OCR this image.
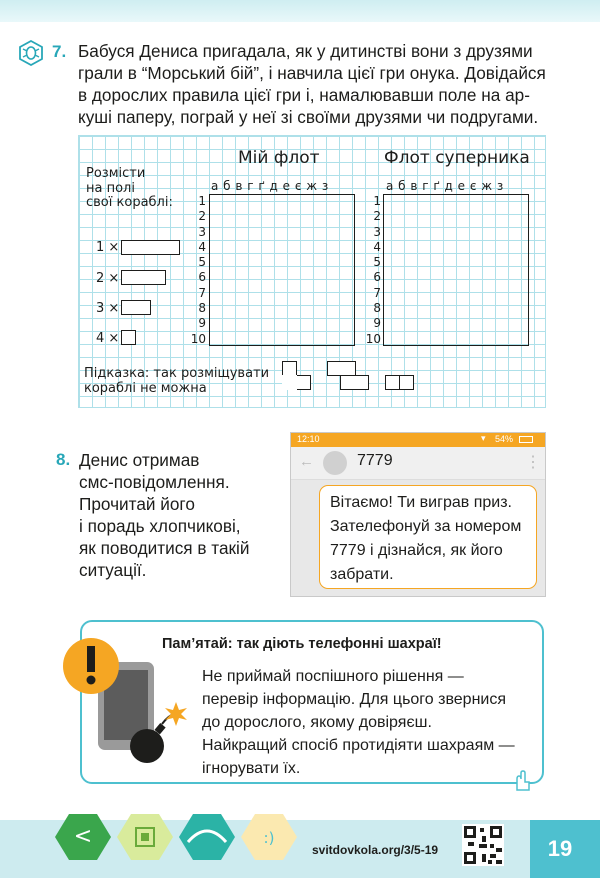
7. Бабуся Дениса пригадала, як у дитинстві вони з друзями
грали в “Морський бій”, і навчила цієї гри онука. Довідайся
в дорослих правила цієї гри і, намалювавши поле на ар-
куші паперу, пограй у неї зі своїми друзями чи подругами.
Розмісти
на полі
свої кораблі:
1 ×
2 ×
3 ×
4 ×
Мій флот	Флот суперника
а б в г ґ д е є ж з	а б в г ґ д е є ж з
1
2
3
4
5
6
7
8
9
10
1
2
3
4
5
6
7
8
9
10
Підказка: так розміщувати
кораблі не можна
8. Денис отримав
смс-повідомлення.
Прочитай його
і порадь хлопчикові,
як поводитися в такій
ситуації.
12:10	▾ 54%
←	7779	⋮
Вітаємо! Ти виграв приз.
Зателефонуй за номером
7779 і дізнайся, як його
забрати.
Пам’ятай: так діють телефонні шахраї!
Не приймай поспішного рішення —
перевір інформацію. Для цього звернися
до дорослого, якому довіряєш.
Найкращий спосіб протидіяти шахраям —
ігнорувати їх.
<	:)
svitdovkola.org/3/5-19	19
